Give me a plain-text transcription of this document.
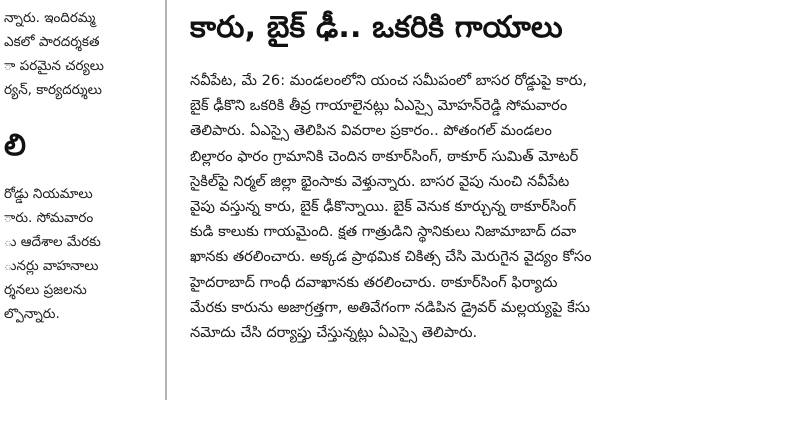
న్నారు. ఇందిరమ్మ
ఎకలో పారదర్శకత
ా పరమైన చర్యలు
ర్యన్, కార్యదర్శులు
లి
రోడ్డు నియమాలు
ారు. సోమవారం
ు ఆదేశాల మేరకు
ునర్లు వాహనాలు
ర్శనలు ప్రజలను
ల్పొన్నారు.
కారు, బైక్ ఢీ.. ఒకరికి గాయాలు
నవీపేట, మే 26: మండలంలోని యంచ సమీపంలో బాసర రోడ్డుపై కారు,
బైక్ ఢీకొని ఒకరికి తీవ్ర గాయాలైనట్లు ఏఎస్సై మోహన్‌రెడ్డి సోమవారం
తెలిపారు. ఏఎస్సై తెలిపిన వివరాల ప్రకారం.. పోతంగల్ మండలం
బిల్లారం ఫారం గ్రామానికి చెందిన ఠాకూర్‌సింగ్, ఠాకూర్ సుమిత్ మోటర్
సైకిల్‌పై నిర్మల్ జిల్లా భైంసాకు వెళ్తున్నారు. బాసర వైపు నుంచి నవీపేట
వైపు వస్తున్న కారు, బైక్ ఢీకొన్నాయి. బైక్ వెనుక కూర్చున్న ఠాకూర్‌సింగ్
కుడి కాలుకు గాయమైంది. క్షత గాత్రుడిని స్థానికులు నిజామాబాద్ దవా
ఖానకు తరలించారు. అక్కడ ప్రాథమిక చికిత్స చేసి మెరుగైన వైద్యం కోసం
హైదరాబాద్ గాంధీ దవాఖానకు తరలించారు. ఠాకూర్‌సింగ్ ఫిర్యాదు
మేరకు కారును అజాగ్రత్తగా, అతివేగంగా నడిపిన డ్రైవర్ మల్లయ్యపై కేసు
నమోదు చేసి దర్యాప్తు చేస్తున్నట్లు ఏఎస్సై తెలిపారు.
